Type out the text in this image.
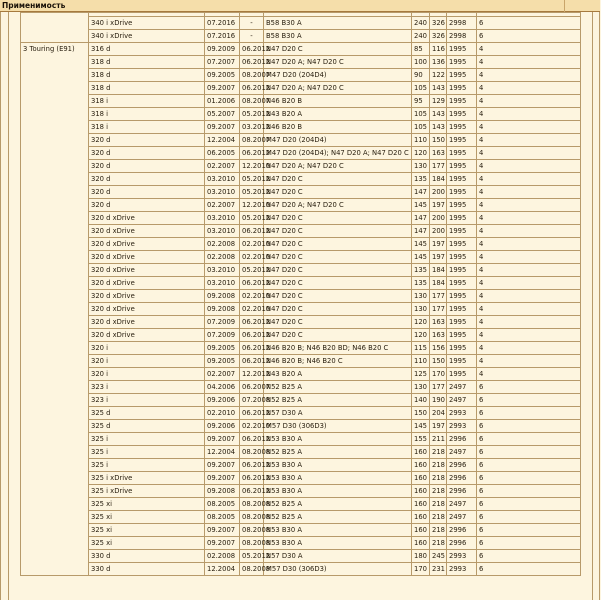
Применимость

	340 i xDrive	07.2016	-	B58 B30 A	240	326	2998	6
	340 i xDrive	07.2016	-	B58 B30 A	240	326	2998	6
3 Touring (E91)	316 d	09.2009	06.2012	N47 D20 C	85	116	1995	4
	318 d	07.2007	06.2012	N47 D20 A; N47 D20 C	100	136	1995	4
	318 d	09.2005	08.2007	M47 D20 (204D4)	90	122	1995	4
	318 d	09.2007	06.2012	N47 D20 A; N47 D20 C	105	143	1995	4
	318 i	01.2006	08.2007	N46 B20 B	95	129	1995	4
	318 i	05.2007	05.2012	N43 B20 A	105	143	1995	4
	318 i	09.2007	03.2012	N46 B20 B	105	143	1995	4
	320 d	12.2004	08.2007	M47 D20 (204D4)	110	150	1995	4
	320 d	06.2005	06.2012	M47 D20 (204D4); N47 D20 A; N47 D20 C	120	163	1995	4
	320 d	02.2007	12.2010	N47 D20 A; N47 D20 C	130	177	1995	4
	320 d	03.2010	05.2012	N47 D20 C	135	184	1995	4
	320 d	03.2010	05.2012	N47 D20 C	147	200	1995	4
	320 d	02.2007	12.2010	N47 D20 A; N47 D20 C	145	197	1995	4
	320 d xDrive	03.2010	05.2012	N47 D20 C	147	200	1995	4
	320 d xDrive	03.2010	06.2012	N47 D20 C	147	200	1995	4
	320 d xDrive	02.2008	02.2010	N47 D20 C	145	197	1995	4
	320 d xDrive	02.2008	02.2010	N47 D20 C	145	197	1995	4
	320 d xDrive	03.2010	05.2012	N47 D20 C	135	184	1995	4
	320 d xDrive	03.2010	06.2012	N47 D20 C	135	184	1995	4
	320 d xDrive	09.2008	02.2010	N47 D20 C	130	177	1995	4
	320 d xDrive	09.2008	02.2010	N47 D20 C	130	177	1995	4
	320 d xDrive	07.2009	06.2012	N47 D20 C	120	163	1995	4
	320 d xDrive	07.2009	06.2012	N47 D20 C	120	163	1995	4
	320 i	09.2005	06.2012	N46 B20 B; N46 B20 BD; N46 B20 C	115	156	1995	4
	320 i	09.2005	06.2012	N46 B20 B; N46 B20 C	110	150	1995	4
	320 i	02.2007	12.2012	N43 B20 A	125	170	1995	4
	323 i	04.2006	06.2007	N52 B25 A	130	177	2497	6
	323 i	09.2006	07.2008	N52 B25 A	140	190	2497	6
	325 d	02.2010	06.2012	N57 D30 A	150	204	2993	6
	325 d	09.2006	02.2010	M57 D30 (306D3)	145	197	2993	6
	325 i	09.2007	06.2012	N53 B30 A	155	211	2996	6
	325 i	12.2004	08.2008	N52 B25 A	160	218	2497	6
	325 i	09.2007	06.2012	N53 B30 A	160	218	2996	6
	325 i xDrive	09.2007	06.2012	N53 B30 A	160	218	2996	6
	325 i xDrive	09.2008	06.2012	N53 B30 A	160	218	2996	6
	325 xi	08.2005	08.2008	N52 B25 A	160	218	2497	6
	325 xi	08.2005	08.2008	N52 B25 A	160	218	2497	6
	325 xi	09.2007	08.2008	N53 B30 A	160	218	2996	6
	325 xi	09.2007	08.2008	N53 B30 A	160	218	2996	6
	330 d	02.2008	05.2012	N57 D30 A	180	245	2993	6
	330 d	12.2004	08.2008	M57 D30 (306D3)	170	231	2993	6
